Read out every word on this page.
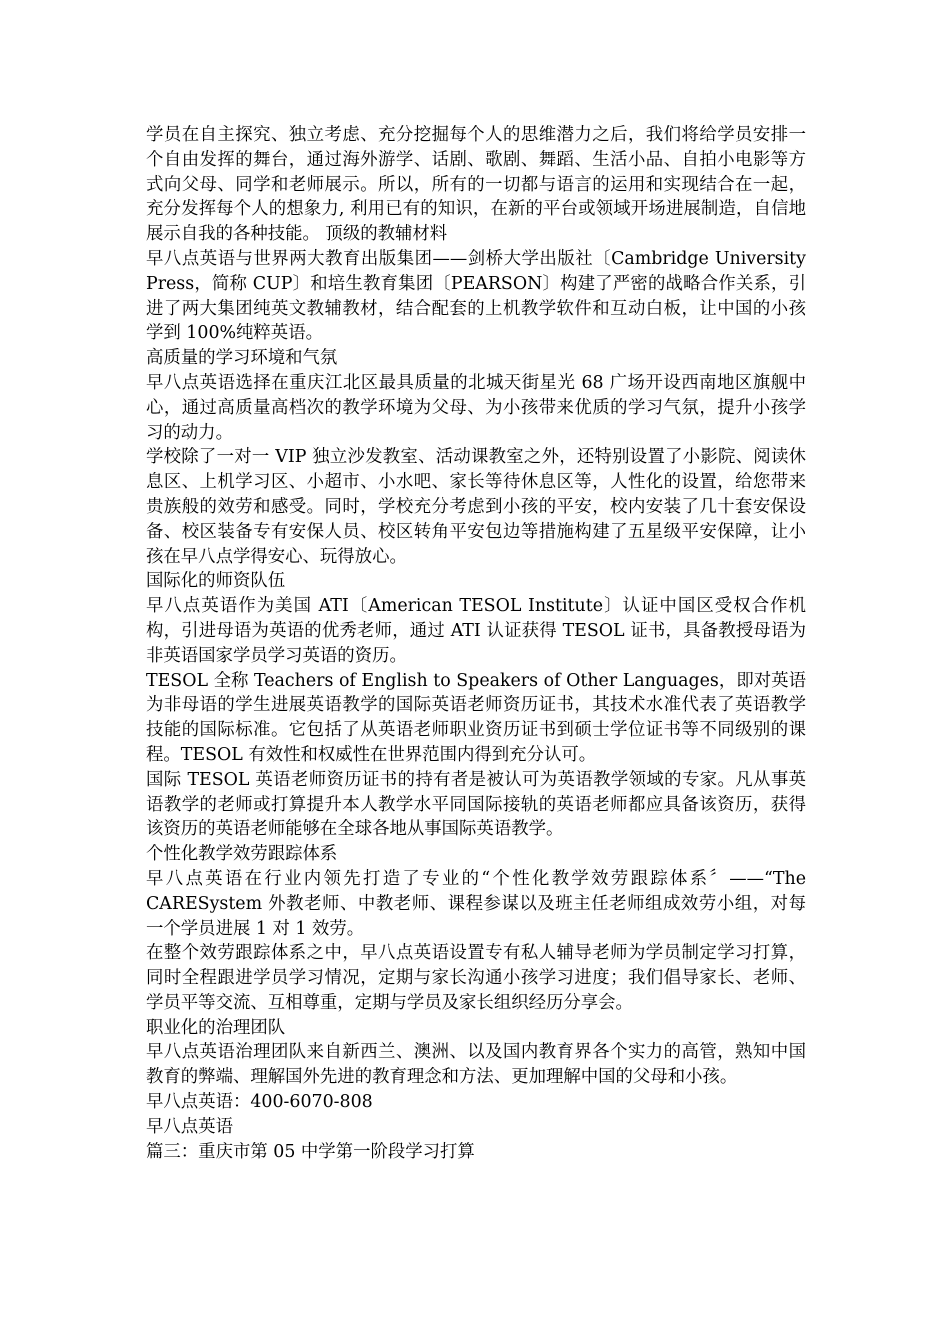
学员在自主探究、独立考虑、充分挖掘每个人的思维潜力之后，我们将给学员安排一个自由发挥的舞台，通过海外游学、话剧、歌剧、舞蹈、生活小品、自拍小电影等方式向父母、同学和老师展示。所以，所有的一切都与语言的运用和实现结合在一起，充分发挥每个人的想象力, 利用已有的知识，在新的平台或领域开场进展制造，自信地展示自我的各种技能。 顶级的教辅材料

早八点英语与世界两大教育出版集团——剑桥大学出版社〔Cambridge University Press，简称 CUP〕和培生教育集团〔PEARSON〕构建了严密的战略合作关系，引进了两大集团纯英文教辅教材，结合配套的上机教学软件和互动白板，让中国的小孩学到 100%纯粹英语。

高质量的学习环境和气氛

早八点英语选择在重庆江北区最具质量的北城天街星光 68 广场开设西南地区旗舰中心，通过高质量高档次的教学环境为父母、为小孩带来优质的学习气氛，提升小孩学习的动力。

学校除了一对一 VIP 独立沙发教室、活动课教室之外，还特别设置了小影院、阅读休息区、上机学习区、小超市、小水吧、家长等待休息区等，人性化的设置，给您带来贵族般的效劳和感受。同时，学校充分考虑到小孩的平安，校内安装了几十套安保设备、校区装备专有安保人员、校区转角平安包边等措施构建了五星级平安保障，让小孩在早八点学得安心、玩得放心。

国际化的师资队伍

早八点英语作为美国 ATI〔American TESOL Institute〕认证中国区受权合作机构，引进母语为英语的优秀老师，通过 ATI 认证获得 TESOL 证书，具备教授母语为非英语国家学员学习英语的资历。

TESOL 全称 Teachers of English to Speakers of Other Languages，即对英语为非母语的学生进展英语教学的国际英语老师资历证书，其技术水准代表了英语教学技能的国际标准。它包括了从英语老师职业资历证书到硕士学位证书等不同级别的课程。TESOL 有效性和权威性在世界范围内得到充分认可。

国际 TESOL 英语老师资历证书的持有者是被认可为英语教学领域的专家。凡从事英语教学的老师或打算提升本人教学水平同国际接轨的英语老师都应具备该资历，获得该资历的英语老师能够在全球各地从事国际英语教学。

个性化教学效劳跟踪体系

早八点英语在行业内领先打造了专业的“个性化教学效劳跟踪体系〞——“The CARESystem 外教老师、中教老师、课程参谋以及班主任老师组成效劳小组，对每一个学员进展 1 对 1 效劳。

在整个效劳跟踪体系之中，早八点英语设置专有私人辅导老师为学员制定学习打算，同时全程跟进学员学习情况，定期与家长沟通小孩学习进度；我们倡导家长、老师、学员平等交流、互相尊重，定期与学员及家长组织经历分享会。

职业化的治理团队

早八点英语治理团队来自新西兰、澳洲、以及国内教育界各个实力的高管，熟知中国教育的弊端、理解国外先进的教育理念和方法、更加理解中国的父母和小孩。

早八点英语：400-6070-808

早八点英语

篇三：重庆市第 05 中学第一阶段学习打算
